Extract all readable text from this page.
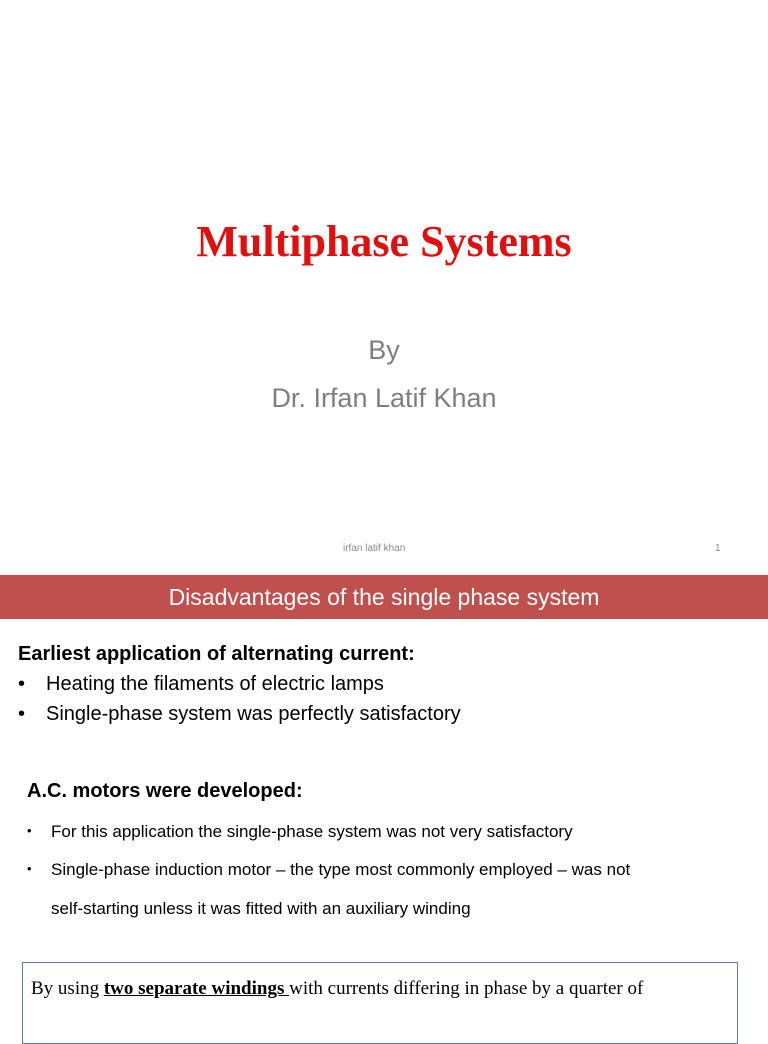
Multiphase Systems
By
Dr. Irfan Latif Khan
irfan latif khan	1
Disadvantages of the single phase system
Earliest application of alternating current:
• Heating the filaments of electric lamps
• Single-phase system was perfectly satisfactory
A.C. motors were developed:
• For this application the single-phase system was not very satisfactory
• Single-phase induction motor – the type most commonly employed – was not
self-starting unless it was fitted with an auxiliary winding
By using two separate windings with currents differing in phase by a quarter of
